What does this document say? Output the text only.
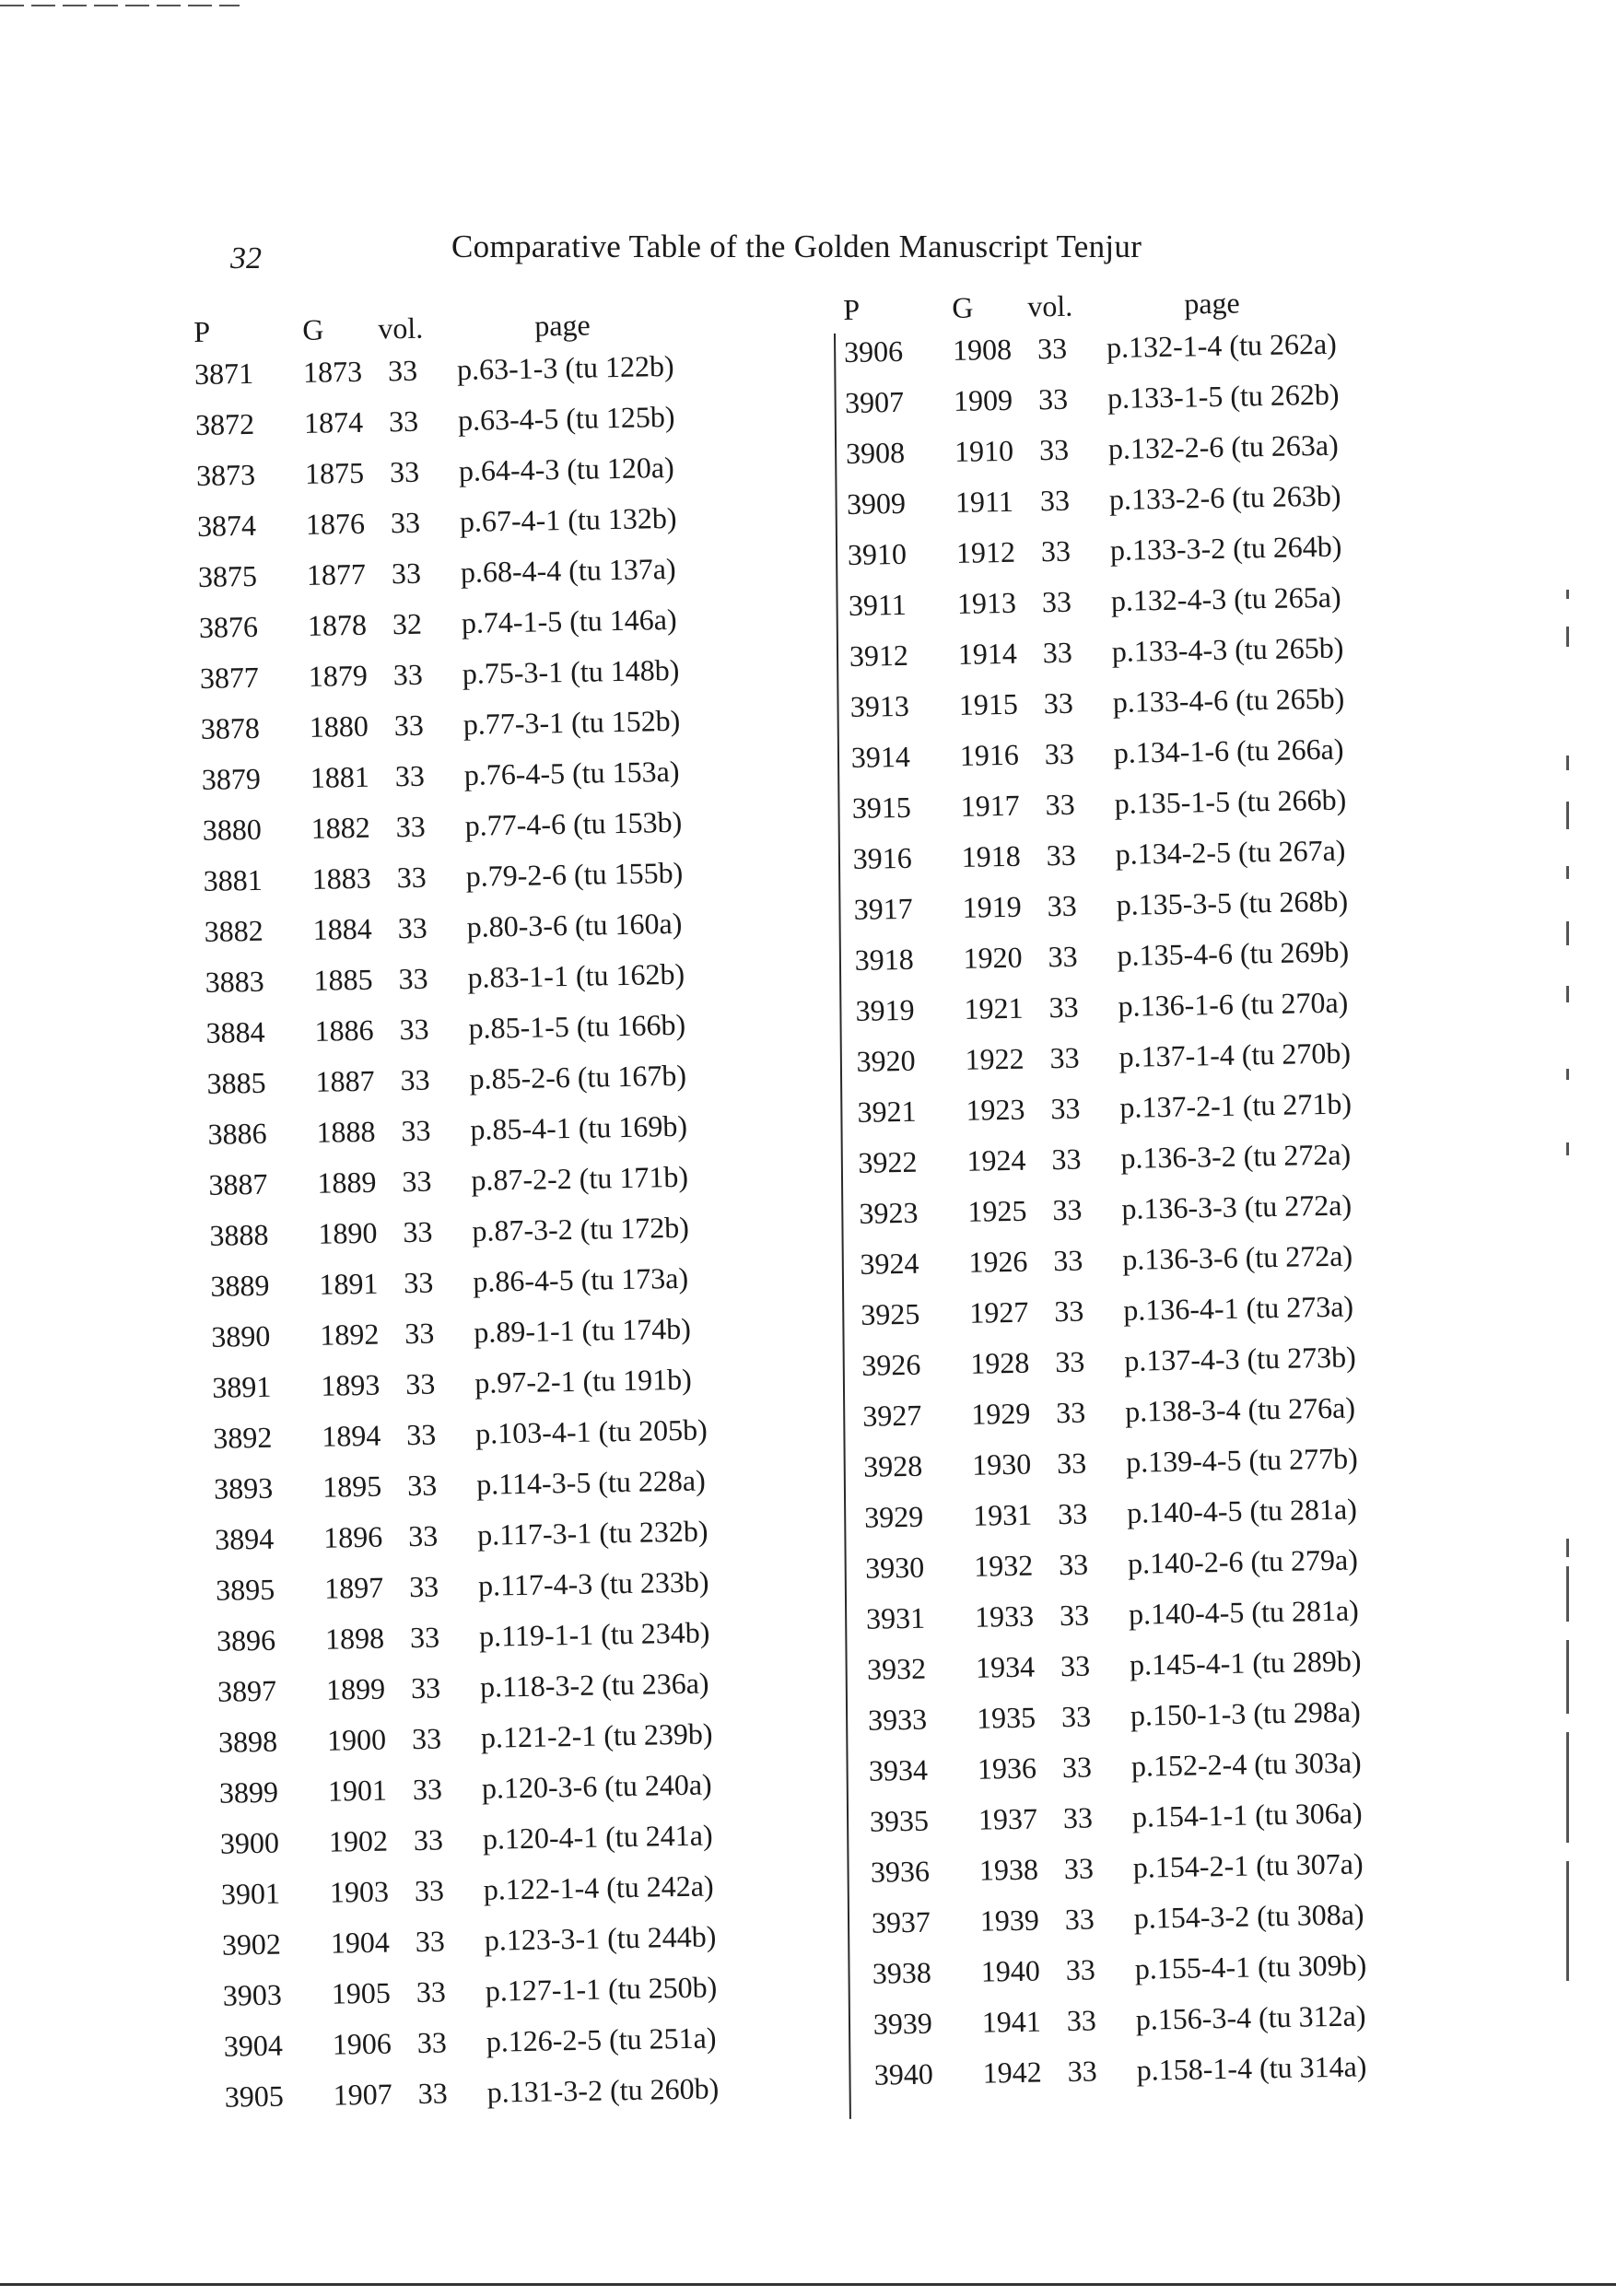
32	Comparative Table of the Golden Manuscript Tenjur
P	G vol.	page
3871 1873 33 p.63-1-3 (tu 122b)
3872 1874 33 p.63-4-5 (tu 125b)
3873 1875 33 p.64-4-3 (tu 120a)
3874 1876 33 p.67-4-1 (tu 132b)
3875 1877 33 p.68-4-4 (tu 137a)
3876 1878 32 p.74-1-5 (tu 146a)
3877 1879 33 p.75-3-1 (tu 148b)
3878 1880 33 p.77-3-1 (tu 152b)
3879 1881 33 p.76-4-5 (tu 153a)
3880 1882 33 p.77-4-6 (tu 153b)
3881 1883 33 p.79-2-6 (tu 155b)
3882 1884 33 p.80-3-6 (tu 160a)
3883 1885 33 p.83-1-1 (tu 162b)
3884 1886 33 p.85-1-5 (tu 166b)
3885 1887 33 p.85-2-6 (tu 167b)
3886 1888 33 p.85-4-1 (tu 169b)
3887 1889 33 p.87-2-2 (tu 171b)
3888 1890 33 p.87-3-2 (tu 172b)
3889 1891 33 p.86-4-5 (tu 173a)
3890 1892 33 p.89-1-1 (tu 174b)
3891 1893 33 p.97-2-1 (tu 191b)
3892 1894 33 p.103-4-1 (tu 205b)
3893 1895 33 p.114-3-5 (tu 228a)
3894 1896 33 p.117-3-1 (tu 232b)
3895 1897 33 p.117-4-3 (tu 233b)
3896 1898 33 p.119-1-1 (tu 234b)
3897 1899 33 p.118-3-2 (tu 236a)
3898 1900 33 p.121-2-1 (tu 239b)
3899 1901 33 p.120-3-6 (tu 240a)
3900 1902 33 p.120-4-1 (tu 241a)
3901 1903 33 p.122-1-4 (tu 242a)
3902 1904 33 p.123-3-1 (tu 244b)
3903 1905 33 p.127-1-1 (tu 250b)
3904 1906 33 p.126-2-5 (tu 251a)
3905 1907 33 p.131-3-2 (tu 260b)
P	G vol.	page
3906 1908 33 p.132-1-4 (tu 262a)
3907 1909 33 p.133-1-5 (tu 262b)
3908 1910 33 p.132-2-6 (tu 263a)
3909 1911 33 p.133-2-6 (tu 263b)
3910 1912 33 p.133-3-2 (tu 264b)
3911 1913 33 p.132-4-3 (tu 265a)
3912 1914 33 p.133-4-3 (tu 265b)
3913 1915 33 p.133-4-6 (tu 265b)
3914 1916 33 p.134-1-6 (tu 266a)
3915 1917 33 p.135-1-5 (tu 266b)
3916 1918 33 p.134-2-5 (tu 267a)
3917 1919 33 p.135-3-5 (tu 268b)
3918 1920 33 p.135-4-6 (tu 269b)
3919 1921 33 p.136-1-6 (tu 270a)
3920 1922 33 p.137-1-4 (tu 270b)
3921 1923 33 p.137-2-1 (tu 271b)
3922 1924 33 p.136-3-2 (tu 272a)
3923 1925 33 p.136-3-3 (tu 272a)
3924 1926 33 p.136-3-6 (tu 272a)
3925 1927 33 p.136-4-1 (tu 273a)
3926 1928 33 p.137-4-3 (tu 273b)
3927 1929 33 p.138-3-4 (tu 276a)
3928 1930 33 p.139-4-5 (tu 277b)
3929 1931 33 p.140-4-5 (tu 281a)
3930 1932 33 p.140-2-6 (tu 279a)
3931 1933 33 p.140-4-5 (tu 281a)
3932 1934 33 p.145-4-1 (tu 289b)
3933 1935 33 p.150-1-3 (tu 298a)
3934 1936 33 p.152-2-4 (tu 303a)
3935 1937 33 p.154-1-1 (tu 306a)
3936 1938 33 p.154-2-1 (tu 307a)
3937 1939 33 p.154-3-2 (tu 308a)
3938 1940 33 p.155-4-1 (tu 309b)
3939 1941 33 p.156-3-4 (tu 312a)
3940 1942 33 p.158-1-4 (tu 314a)
